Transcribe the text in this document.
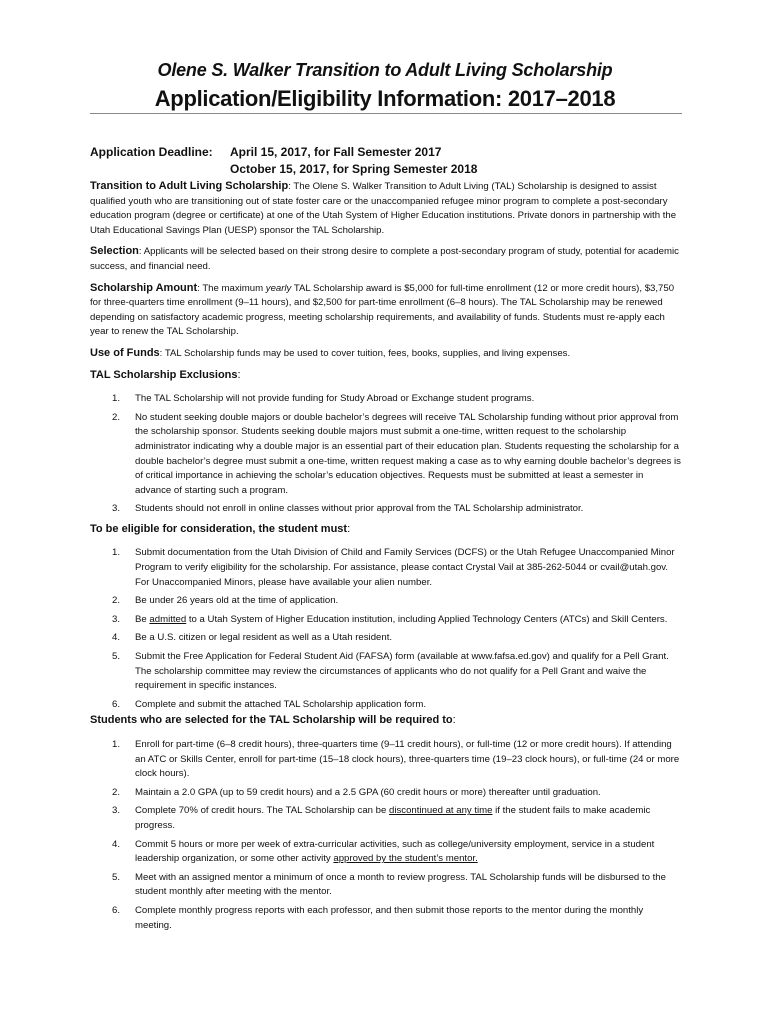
Olene S. Walker Transition to Adult Living Scholarship
Application/Eligibility Information: 2017–2018
Application Deadline:	April 15, 2017, for Fall Semester 2017
October 15, 2017, for Spring Semester 2018

Transition to Adult Living Scholarship: The Olene S. Walker Transition to Adult Living (TAL) Scholarship is designed to assist qualified youth who are transitioning out of state foster care or the unaccompanied refugee minor program to complete a post-secondary education program (degree or certificate) at one of the Utah System of Higher Education institutions. Private donors in partnership with the Utah Educational Savings Plan (UESP) sponsor the TAL Scholarship.

Selection: Applicants will be selected based on their strong desire to complete a post-secondary program of study, potential for academic success, and financial need.

Scholarship Amount: The maximum yearly TAL Scholarship award is $5,000 for full-time enrollment (12 or more credit hours), $3,750 for three-quarters time enrollment (9–11 hours), and $2,500 for part-time enrollment (6–8 hours). The TAL Scholarship may be renewed depending on satisfactory academic progress, meeting scholarship requirements, and availability of funds. Students must re-apply each year to renew the TAL Scholarship.

Use of Funds: TAL Scholarship funds may be used to cover tuition, fees, books, supplies, and living expenses.

TAL Scholarship Exclusions:
1.	The TAL Scholarship will not provide funding for Study Abroad or Exchange student programs.
2.	No student seeking double majors or double bachelor’s degrees will receive TAL Scholarship funding without prior approval from the scholarship sponsor. Students seeking double majors must submit a one-time, written request to the scholarship administrator indicating why a double major is an essential part of their education plan. Students requesting the scholarship for a double bachelor’s degree must submit a one-time, written request making a case as to why earning double bachelor’s degrees is of critical importance in achieving the scholar’s education objectives. Requests must be submitted at least a semester in advance of starting such a program.
3.	Students should not enroll in online classes without prior approval from the TAL Scholarship administrator.
To be eligible for consideration, the student must:
1.	Submit documentation from the Utah Division of Child and Family Services (DCFS) or the Utah Refugee Unaccompanied Minor Program to verify eligibility for the scholarship. For assistance, please contact Crystal Vail at 385-262-5044 or cvail@utah.gov. For Unaccompanied Minors, please have available your alien number.
2.	Be under 26 years old at the time of application.
3.	Be admitted to a Utah System of Higher Education institution, including Applied Technology Centers (ATCs) and Skill Centers.
4.	Be a U.S. citizen or legal resident as well as a Utah resident.
5.	Submit the Free Application for Federal Student Aid (FAFSA) form (available at www.fafsa.ed.gov) and qualify for a Pell Grant. The scholarship committee may review the circumstances of applicants who do not qualify for a Pell Grant and waive the requirement in specific instances.
6.	Complete and submit the attached TAL Scholarship application form.
Students who are selected for the TAL Scholarship will be required to:
1.	Enroll for part-time (6–8 credit hours), three-quarters time (9–11 credit hours), or full-time (12 or more credit hours). If attending an ATC or Skills Center, enroll for part-time (15–18 clock hours), three-quarters time (19–23 clock hours), or full-time (24 or more clock hours).
2.	Maintain a 2.0 GPA (up to 59 credit hours) and a 2.5 GPA (60 credit hours or more) thereafter until graduation.
3.	Complete 70% of credit hours. The TAL Scholarship can be discontinued at any time if the student fails to make academic progress.
4.	Commit 5 hours or more per week of extra-curricular activities, such as college/university employment, service in a student leadership organization, or some other activity approved by the student’s mentor.
5.	Meet with an assigned mentor a minimum of once a month to review progress. TAL Scholarship funds will be disbursed to the student monthly after meeting with the mentor.
6.	Complete monthly progress reports with each professor, and then submit those reports to the mentor during the monthly meeting.
